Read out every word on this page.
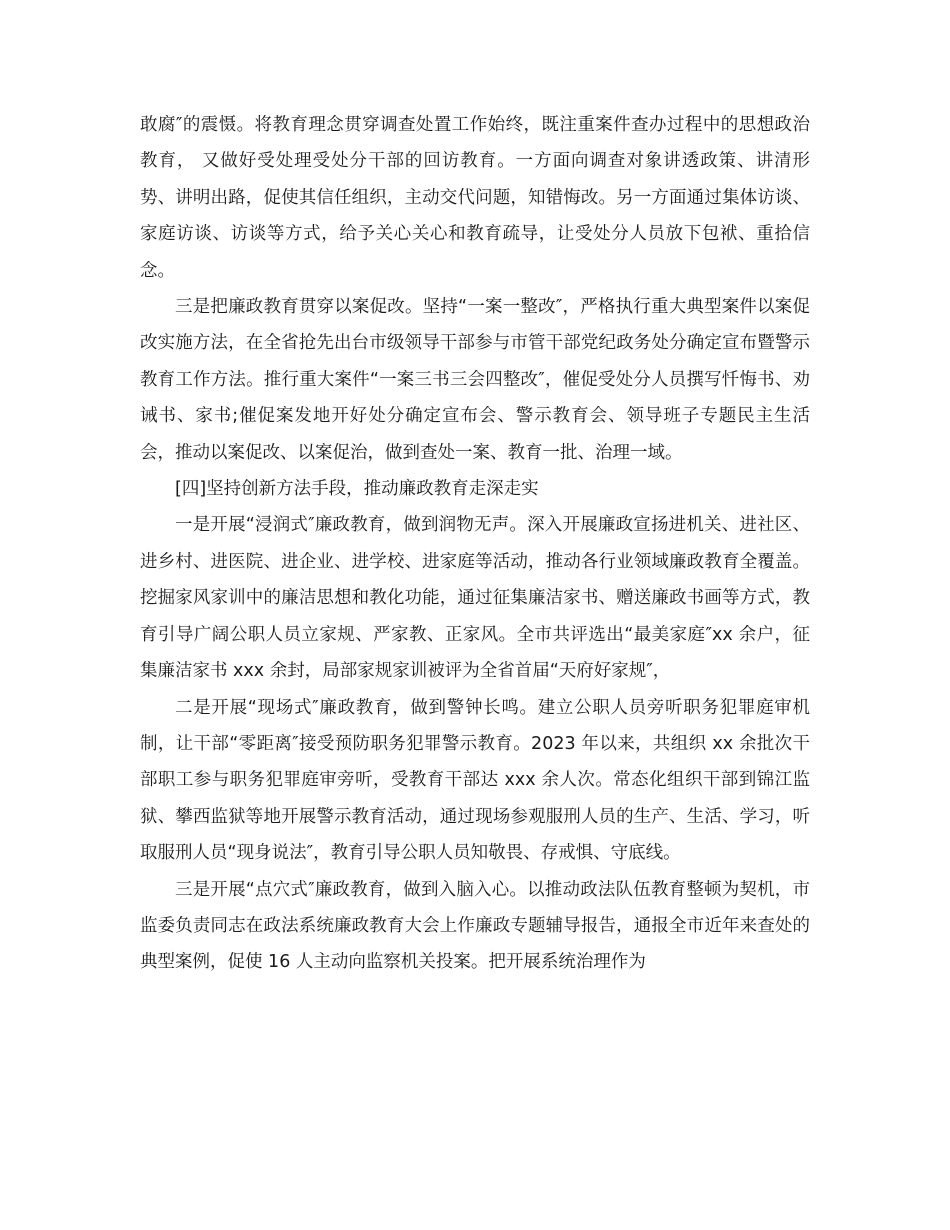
敢腐″的震慑。将教育理念贯穿调查处置工作始终，既注重案件查办过程中的思想政治教育， 又做好受处理受处分干部的回访教育。一方面向调查对象讲透政策、讲清形势、讲明出路，促使其信任组织，主动交代问题，知错悔改。另一方面通过集体访谈、家庭访谈、访谈等方式，给予关心关心和教育疏导，让受处分人员放下包袱、重拾信念。

三是把廉政教育贯穿以案促改。坚持“一案一整改″，严格执行重大典型案件以案促改实施方法，在全省抢先出台市级领导干部参与市管干部党纪政务处分确定宣布暨警示教育工作方法。推行重大案件“一案三书三会四整改″，催促受处分人员撰写忏悔书、劝诫书、家书;催促案发地开好处分确定宣布会、警示教育会、领导班子专题民主生活会，推动以案促改、以案促治，做到查处一案、教育一批、治理一域。

[四]坚持创新方法手段，推动廉政教育走深走实

一是开展“浸润式″廉政教育，做到润物无声。深入开展廉政宣扬进机关、进社区、进乡村、进医院、进企业、进学校、进家庭等活动，推动各行业领域廉政教育全覆盖。挖掘家风家训中的廉洁思想和教化功能，通过征集廉洁家书、赠送廉政书画等方式，教育引导广阔公职人员立家规、严家教、正家风。全市共评选出“最美家庭″xx 余户，征集廉洁家书 xxx 余封，局部家规家训被评为全省首届“天府好家规″，

二是开展“现场式″廉政教育，做到警钟长鸣。建立公职人员旁听职务犯罪庭审机制，让干部“零距离″接受预防职务犯罪警示教育。2023 年以来，共组织 xx 余批次干部职工参与职务犯罪庭审旁听，受教育干部达 xxx 余人次。常态化组织干部到锦江监狱、攀西监狱等地开展警示教育活动，通过现场参观服刑人员的生产、生活、学习，听取服刑人员“现身说法″，教育引导公职人员知敬畏、存戒惧、守底线。

三是开展“点穴式″廉政教育，做到入脑入心。以推动政法队伍教育整顿为契机，市监委负责同志在政法系统廉政教育大会上作廉政专题辅导报告，通报全市近年来查处的典型案例，促使 16 人主动向监察机关投案。把开展系统治理作为
